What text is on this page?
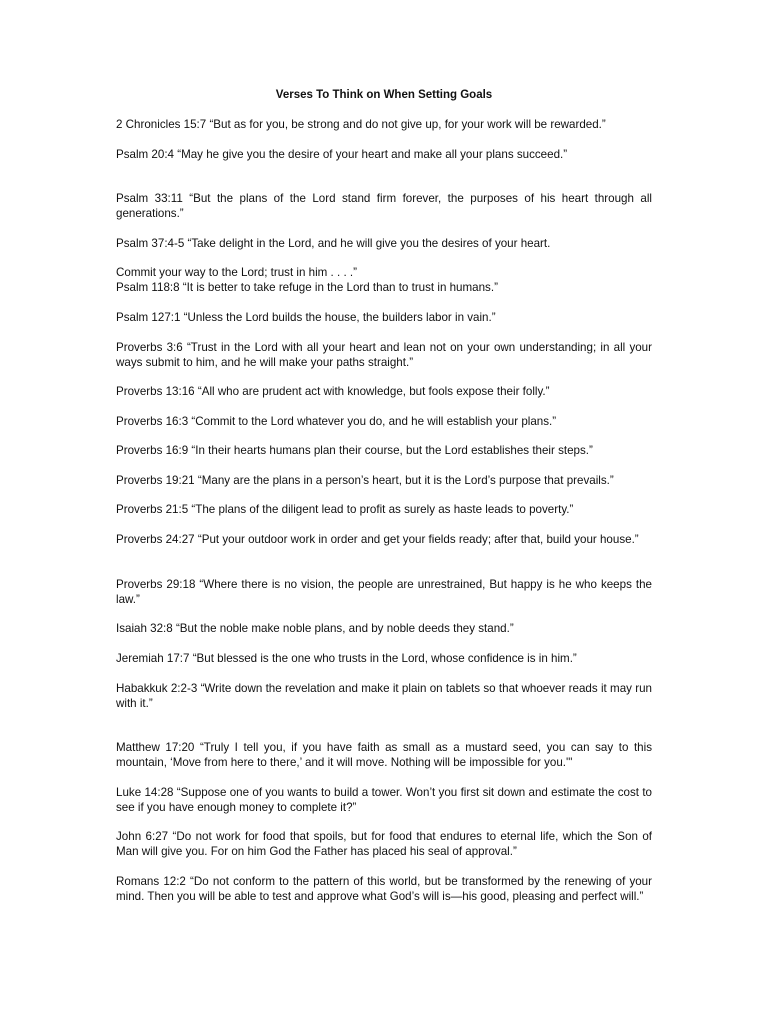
Verses To Think on When Setting Goals

2 Chronicles 15:7 “But as for you, be strong and do not give up, for your work will be rewarded.”

Psalm 20:4 “May he give you the desire of your heart and make all your plans succeed.”

Psalm 33:11 “But the plans of the Lord stand firm forever, the purposes of his heart through all generations.”

Psalm 37:4-5 “Take delight in the Lord, and he will give you the desires of your heart.

Commit your way to the Lord; trust in him . . . .”

Psalm 118:8 “It is better to take refuge in the Lord than to trust in humans.”

Psalm 127:1 “Unless the Lord builds the house, the builders labor in vain.”

Proverbs 3:6 “Trust in the Lord with all your heart and lean not on your own understanding; in all your ways submit to him, and he will make your paths straight.”

Proverbs 13:16 “All who are prudent act with knowledge, but fools expose their folly.”

Proverbs 16:3 “Commit to the Lord whatever you do, and he will establish your plans.”

Proverbs 16:9 “In their hearts humans plan their course, but the Lord establishes their steps.”

Proverbs 19:21 “Many are the plans in a person’s heart, but it is the Lord’s purpose that prevails.”

Proverbs 21:5 “The plans of the diligent lead to profit as surely as haste leads to poverty.”

Proverbs 24:27 “Put your outdoor work in order and get your fields ready; after that, build your house.”

Proverbs 29:18 “Where there is no vision, the people are unrestrained, But happy is he who keeps the law.”

Isaiah 32:8 “But the noble make noble plans, and by noble deeds they stand.”

Jeremiah 17:7 “But blessed is the one who trusts in the Lord, whose confidence is in him.”

Habakkuk 2:2-3 “Write down the revelation and make it plain on tablets so that whoever reads it may run with it.”

Matthew 17:20 “Truly I tell you, if you have faith as small as a mustard seed, you can say to this mountain, ‘Move from here to there,’ and it will move. Nothing will be impossible for you.'"

Luke 14:28 “Suppose one of you wants to build a tower. Won’t you first sit down and estimate the cost to see if you have enough money to complete it?”

John 6:27 “Do not work for food that spoils, but for food that endures to eternal life, which the Son of Man will give you. For on him God the Father has placed his seal of approval.”

Romans 12:2 “Do not conform to the pattern of this world, but be transformed by the renewing of your mind. Then you will be able to test and approve what God’s will is—his good, pleasing and perfect will.”
